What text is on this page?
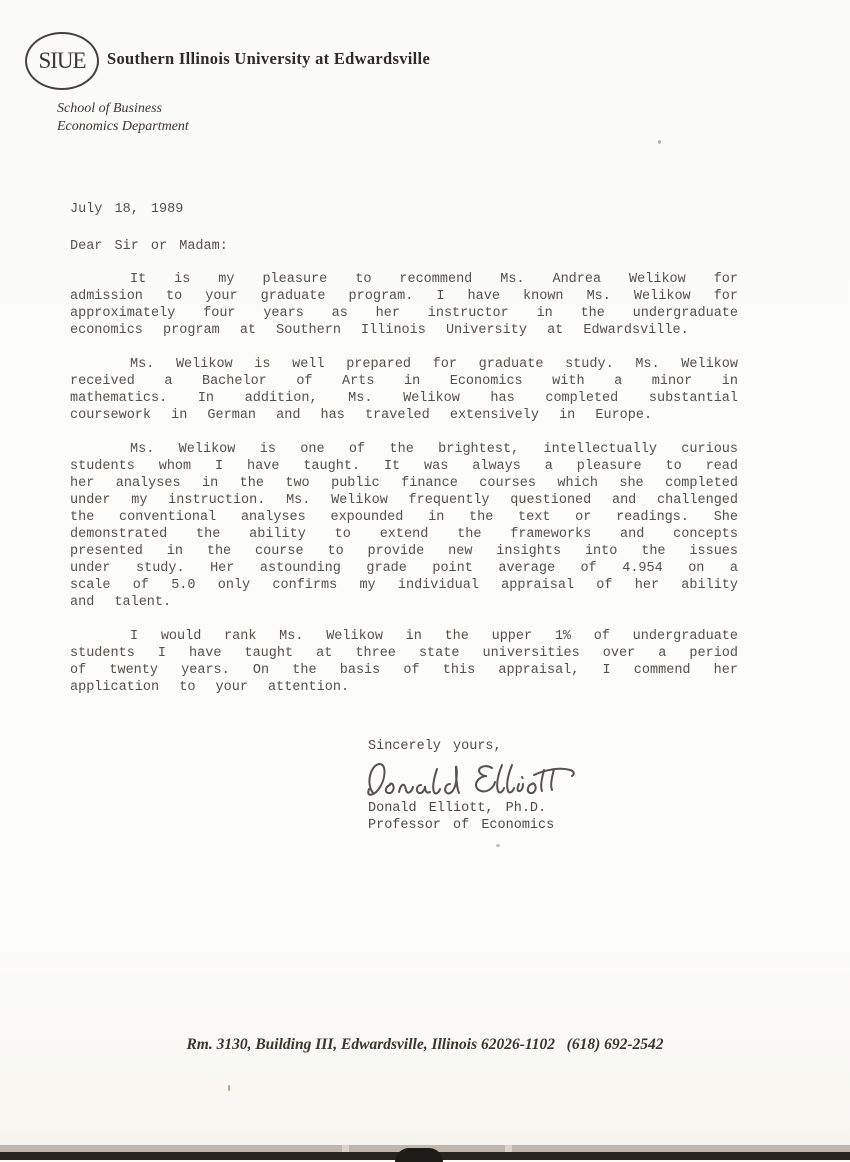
SIUE Southern Illinois University at Edwardsville
School of Business
Economics Department
July 18, 1989
Dear Sir or Madam:

It is my pleasure to recommend Ms. Andrea Welikow for admission to your graduate program. I have known Ms. Welikow for approximately four years as her instructor in the undergraduate economics program at Southern Illinois University at Edwardsville.

Ms. Welikow is well prepared for graduate study. Ms. Welikow received a Bachelor of Arts in Economics with a minor in mathematics. In addition, Ms. Welikow has completed substantial coursework in German and has traveled extensively in Europe.

Ms. Welikow is one of the brightest, intellectually curious students whom I have taught. It was always a pleasure to read her analyses in the two public finance courses which she completed under my instruction. Ms. Welikow frequently questioned and challenged the conventional analyses expounded in the text or readings. She demonstrated the ability to extend the frameworks and concepts presented in the course to provide new insights into the issues under study. Her astounding grade point average of 4.954 on a scale of 5.0 only confirms my individual appraisal of her ability and talent.

I would rank Ms. Welikow in the upper 1% of undergraduate students I have taught at three state universities over a period of twenty years. On the basis of this appraisal, I commend her application to your attention.

Sincerely yours,
Donald Elliott, Ph.D.
Professor of Economics
Rm. 3130, Building III, Edwardsville, Illinois 62026-1102  (618) 692-2542
